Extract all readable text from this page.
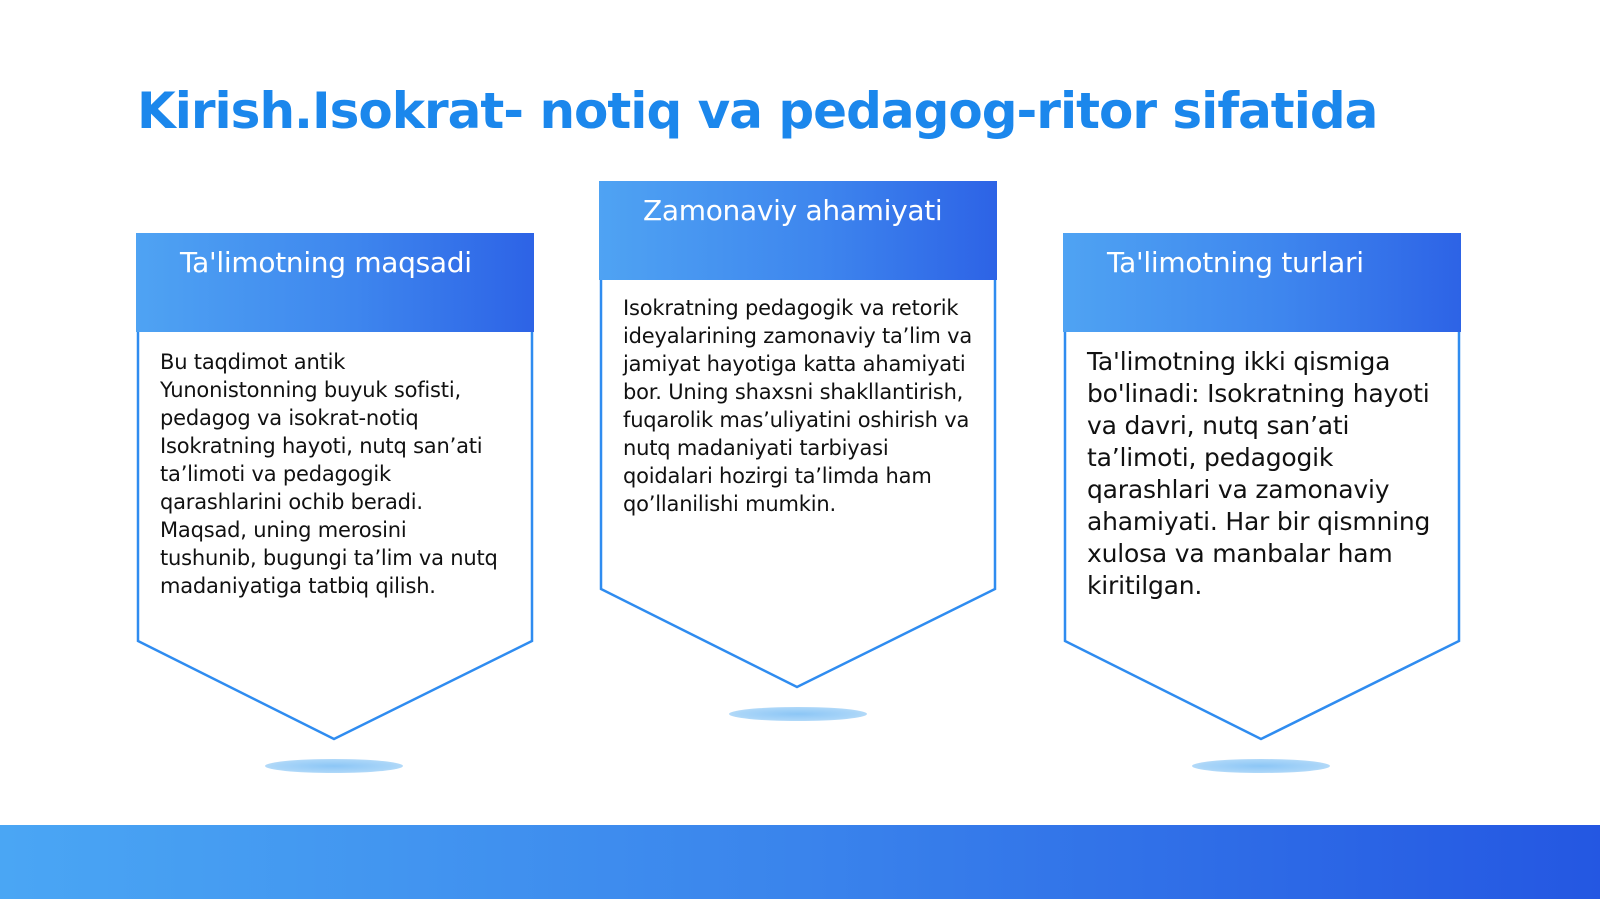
Kirish.Isokrat- notiq va pedagog-ritor sifatida
Ta'limotning maqsadi

Bu taqdimot antik Yunonistonning buyuk sofisti, pedagog va isokrat-notiq Isokratning hayoti, nutq san’ati ta’limoti va pedagogik qarashlarini ochib beradi. Maqsad, uning merosini tushunib, bugungi ta’lim va nutq madaniyatiga tatbiq qilish.

Zamonaviy ahamiyati

Isokratning pedagogik va retorik ideyalarining zamonaviy ta’lim va jamiyat hayotiga katta ahamiyati bor. Uning shaxsni shakllantirish, fuqarolik mas’uliyatini oshirish va nutq madaniyati tarbiyasi qoidalari hozirgi ta’limda ham qo’llanilishi mumkin.

Ta'limotning turlari

Ta'limotning ikki qismiga bo'linadi: Isokratning hayoti va davri, nutq san’ati ta’limoti, pedagogik qarashlari va zamonaviy ahamiyati. Har bir qismning xulosa va manbalar ham kiritilgan.
